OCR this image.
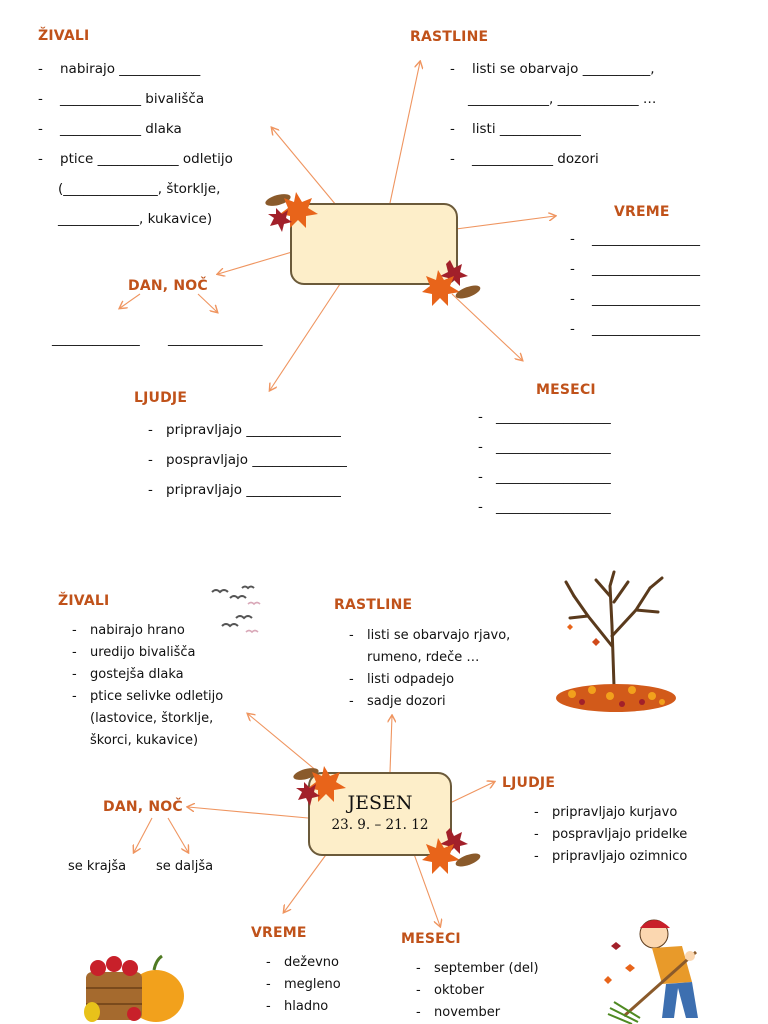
ŽIVALI
- nabirajo ____________
- ____________ bivališča
- ____________ dlaka
- ptice ____________ odletijo
(______________, štorklje,
____________, kukavice)
RASTLINE
- listi se obarvajo __________,
____________, ____________ …
- listi ____________
- ____________ dozori
VREME
- ________________
- ________________
- ________________
- ________________
DAN, NOČ
_____________ ______________
LJUDJE
- pripravljajo ______________
- pospravljajo ______________
- pripravljajo ______________
MESECI
- _________________
- _________________
- _________________
- _________________
ŽIVALI
- nabirajo hrano
- uredijo bivališča
- gostejša dlaka
- ptice selivke odletijo
(lastovice, štorklje,
škorci, kukavice)
RASTLINE
- listi se obarvajo rjavo,
rumeno, rdeče …
- listi odpadejo
- sadje dozori
JESEN
23. 9. – 21. 12
LJUDJE
- pripravljajo kurjavo
- pospravljajo pridelke
- pripravljajo ozimnico
DAN, NOČ
se krajša se daljša
VREME
- deževno
- megleno
- hladno
MESECI
- september (del)
- oktober
- november
